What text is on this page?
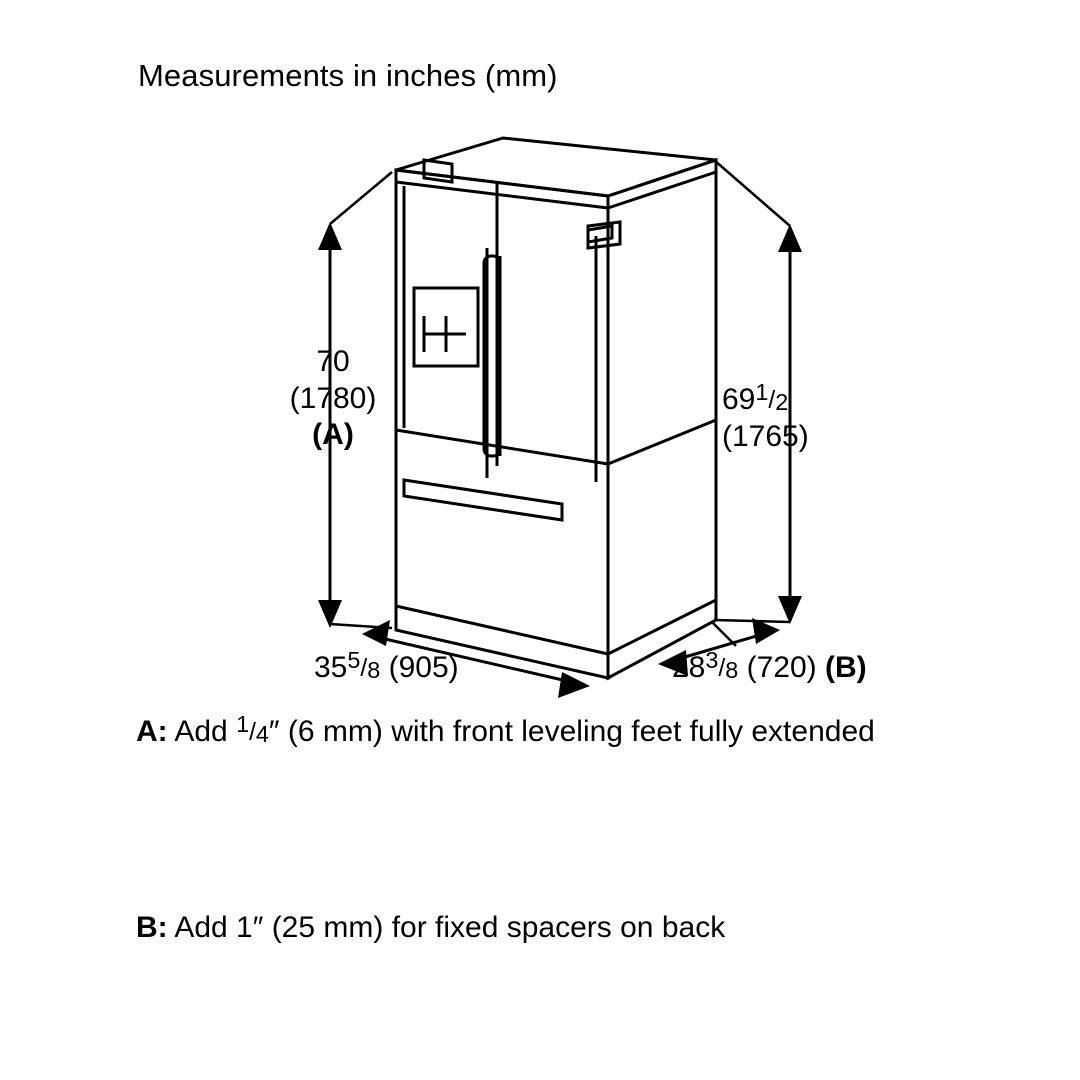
Measurements in inches (mm)
70
(1780)
(A)
691/2
(1765)
355/8 (905)	283/8 (720) (B)
A: Add 1/4″ (6 mm) with front leveling feet fully extended
B: Add 1″ (25 mm) for fixed spacers on back
